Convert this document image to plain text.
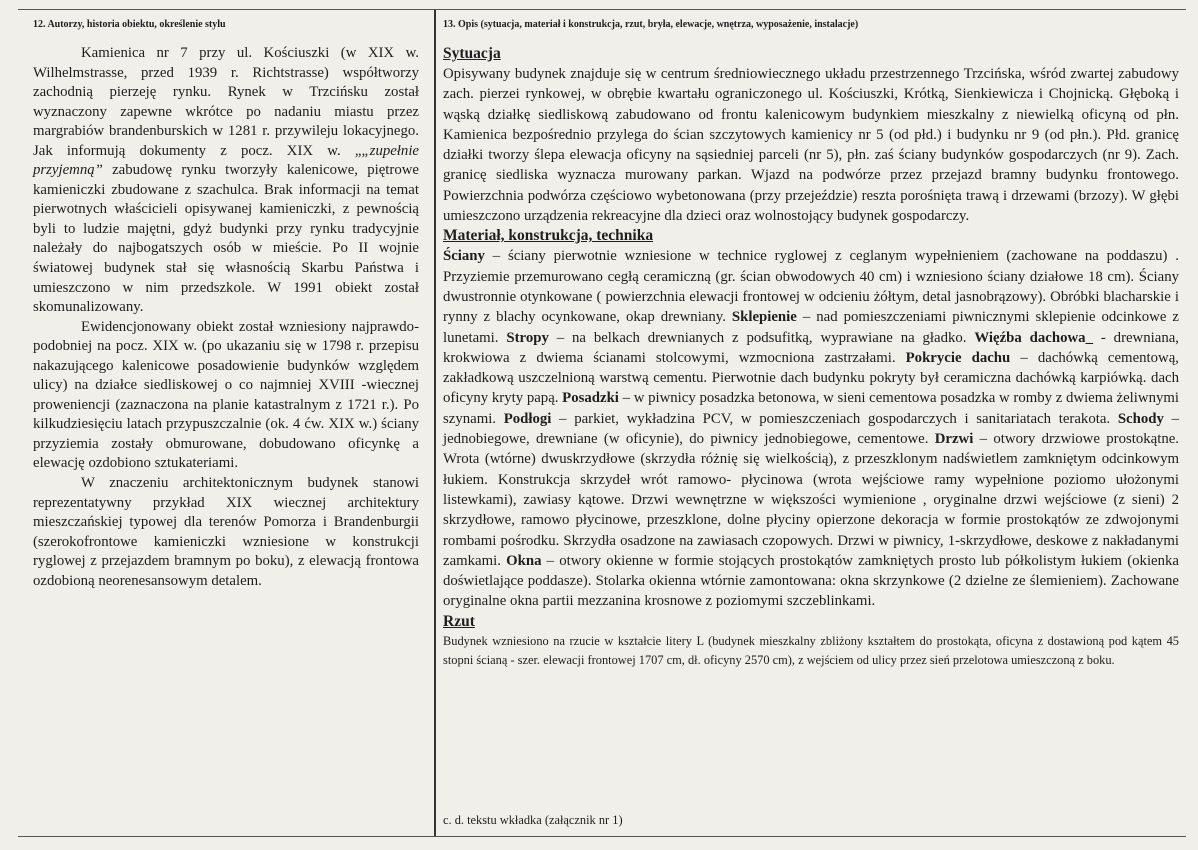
12. Autorzy, historia obiektu, określenie stylu

Kamienica nr 7 przy ul. Kościuszki (w XIX w. Wilhelmstrasse, przed 1939 r. Richtstrasse) współtworzy zachodnią pierzeję rynku. Rynek w Trzcińsku został wyznaczony zapewne wkrótce po nadaniu miastu przez margrabiów brandenburskich w 1281 r. przywileju lokacyjnego. Jak informują dokumenty z pocz. XIX w. „„zupełnie przyjemną” zabudowę rynku tworzyły kalenicowe, piętrowe kamieniczki zbudowane z szachulca. Brak informacji na temat pierwotnych właścicieli opisywanej kamieniczki, z pewnością byli to ludzie majętni, gdyż budynki przy rynku tradycyjnie należały do najbogatszych osób w mieście. Po II wojnie światowej budynek stał się własnością Skarbu Państwa i umieszczono w nim przedszkole. W 1991 obiekt został skomunalizowany.

Ewidencjonowany obiekt został wzniesiony najprawdo- podobniej na pocz. XIX w. (po ukazaniu się w 1798 r. przepisu nakazującego kalenicowe posadowienie budynków względem ulicy) na działce siedliskowej o co najmniej XVIII -wiecznej proweniencji (zaznaczona na planie katastralnym z 1721 r.). Po kilkudziesięciu latach przypuszczalnie (ok. 4 ćw. XIX w.) ściany przyziemia zostały obmurowane, dobudowano oficynkę a elewację ozdobiono sztukateriami.

W znaczeniu architektonicznym budynek stanowi reprezentatywny przykład XIX wiecznej architektury mieszczańskiej typowej dla terenów Pomorza i Brandenburgii (szerokofrontowe kamieniczki wzniesione w konstrukcji ryglowej z przejazdem bramnym po boku), z elewacją frontowa ozdobioną neorenesansowym detalem.

13. Opis (sytuacja, materiał i konstrukcja, rzut, bryła, elewacje, wnętrza, wyposażenie, instalacje)

Sytuacja

Opisywany budynek znajduje się w centrum średniowiecznego układu przestrzennego Trzcińska, wśród zwartej zabudowy zach. pierzei rynkowej, w obrębie kwartału ograniczonego ul. Kościuszki, Krótką, Sienkiewicza i Chojnicką. Głęboką i wąską działkę siedliskową zabudowano od frontu kalenicowym budynkiem mieszkalny z niewielką oficyną od płn. Kamienica bezpośrednio przylega do ścian szczytowych kamienicy nr 5 (od płd.) i budynku nr 9 (od płn.). Płd. granicę działki tworzy ślepa elewacja oficyny na sąsiedniej parceli (nr 5), płn. zaś ściany budynków gospodarczych (nr 9). Zach. granicę siedliska wyznacza murowany parkan. Wjazd na podwórze przez przejazd bramny budynku frontowego. Powierzchnia podwórza częściowo wybetonowana (przy przejeździe) reszta porośnięta trawą i drzewami (brzozy). W głębi umieszczono urządzenia rekreacyjne dla dzieci oraz wolnostojący budynek gospodarczy.

Materiał, konstrukcja, technika

Ściany – ściany pierwotnie wzniesione w technice ryglowej z ceglanym wypełnieniem (zachowane na poddaszu) . Przyziemie przemurowano cegłą ceramiczną (gr. ścian obwodowych 40 cm) i wzniesiono ściany działowe 18 cm). Ściany dwustronnie otynkowane ( powierzchnia elewacji frontowej w odcieniu żółtym, detal jasnobrązowy). Obróbki blacharskie i rynny z blachy ocynkowane, okap drewniany. Sklepienie – nad pomieszczeniami piwnicznymi sklepienie odcinkowe z lunetami. Stropy – na belkach drewnianych z podsufitką, wyprawiane na gładko. Więźba dachowa_ - drewniana, krokwiowa z dwiema ścianami stolcowymi, wzmocniona zastrzałami. Pokrycie dachu – dachówką cementową, zakładkową uszczelnioną warstwą cementu. Pierwotnie dach budynku pokryty był ceramiczna dachówką karpiówką. dach oficyny kryty papą. Posadzki – w piwnicy posadzka betonowa, w sieni cementowa posadzka w romby z dwiema żeliwnymi szynami. Podłogi – parkiet, wykładzina PCV, w pomieszczeniach gospodarczych i sanitariatach terakota. Schody – jednobiegowe, drewniane (w oficynie), do piwnicy jednobiegowe, cementowe. Drzwi – otwory drzwiowe prostokątne. Wrota (wtórne) dwuskrzydłowe (skrzydła różnię się wielkością), z przeszklonym nadświetlem zamkniętym odcinkowym łukiem. Konstrukcja skrzydeł wrót ramowo- płycinowa (wrota wejściowe ramy wypełnione poziomo ułożonymi listewkami), zawiasy kątowe. Drzwi wewnętrzne w większości wymienione , oryginalne drzwi wejściowe (z sieni) 2 skrzydłowe, ramowo płycinowe, przeszklone, dolne płyciny opierzone dekoracja w formie prostokątów ze zdwojonymi rombami pośrodku. Skrzydła osadzone na zawiasach czopowych. Drzwi w piwnicy, 1-skrzydłowe, deskowe z nakładanymi zamkami. Okna – otwory okienne w formie stojących prostokątów zamkniętych prosto lub półkolistym łukiem (okienka doświetlające poddasze). Stolarka okienna wtórnie zamontowana: okna skrzynkowe (2 dzielne ze ślemieniem). Zachowane oryginalne okna partii mezzanina krosnowe z poziomymi szczeblinkami.

Rzut

Budynek wzniesiono na rzucie w kształcie litery L (budynek mieszkalny zbliżony kształtem do prostokąta, oficyna z dostawioną pod kątem 45 stopni ścianą - szer. elewacji frontowej 1707 cm, dł. oficyny 2570 cm), z wejściem od ulicy przez sień przelotowa umieszczoną z boku.

c. d. tekstu wkładka (załącznik nr 1)
